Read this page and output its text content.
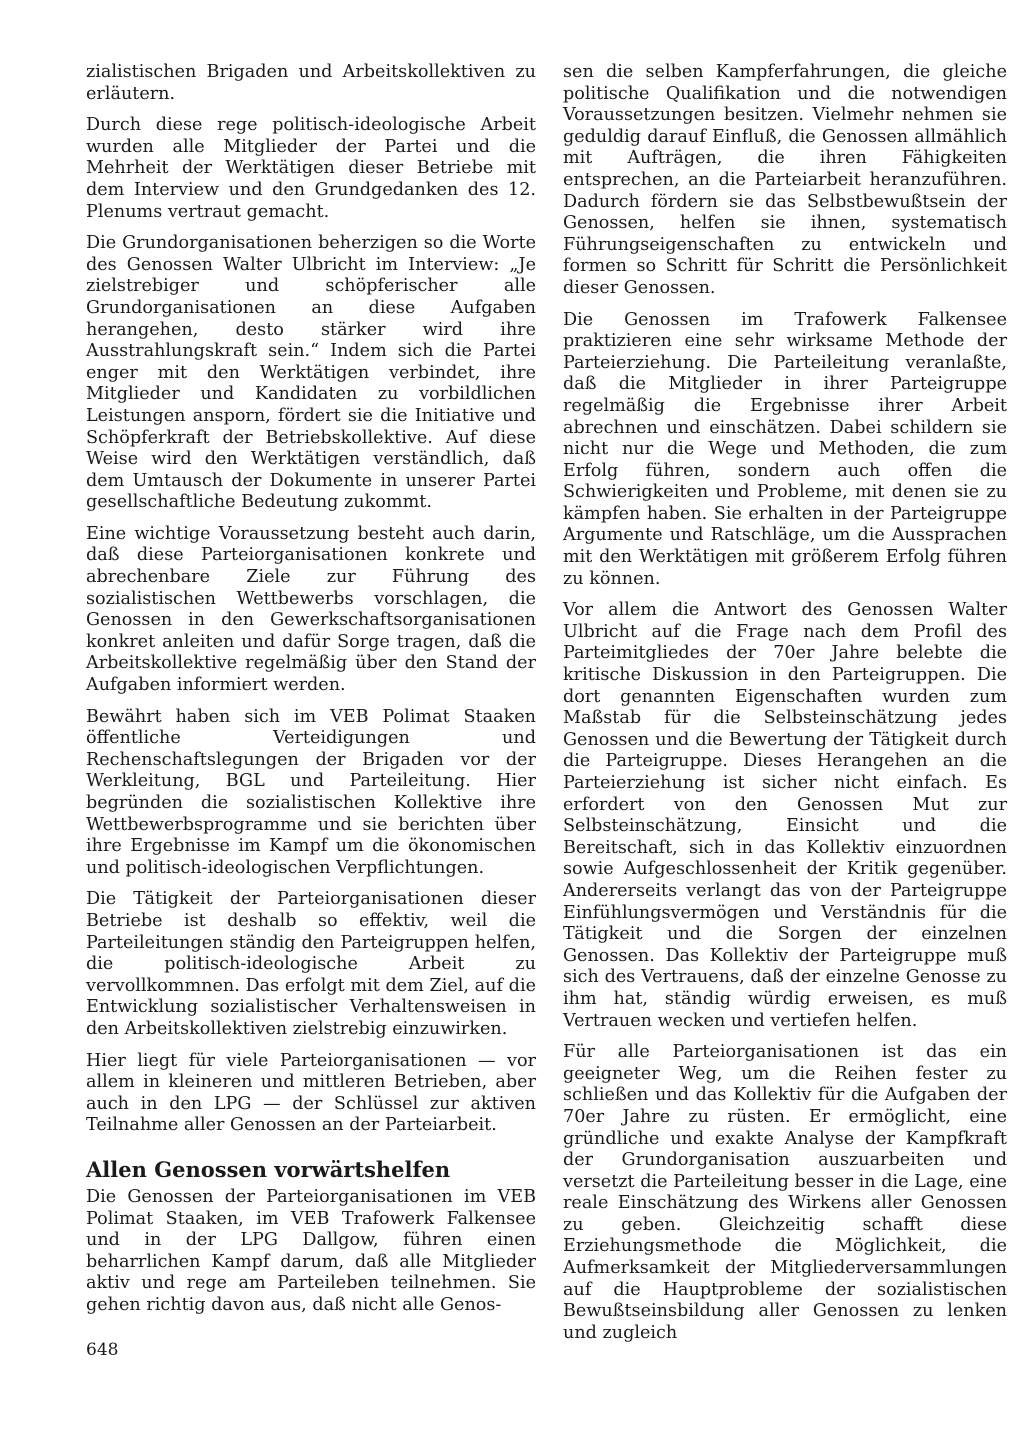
zialistischen Brigaden und Arbeitskollektiven zu erläutern.

Durch diese rege politisch-ideologische Arbeit wurden alle Mitglieder der Partei und die Mehrheit der Werktätigen dieser Betriebe mit dem Interview und den Grundgedanken des 12. Plenums vertraut gemacht.

Die Grundorganisationen beherzigen so die Worte des Genossen Walter Ulbricht im Interview: „Je zielstrebiger und schöpferischer alle Grundorganisationen an diese Aufgaben herangehen, desto stärker wird ihre Ausstrahlungskraft sein.“ Indem sich die Partei enger mit den Werktätigen verbindet, ihre Mitglieder und Kandidaten zu vorbildlichen Leistungen ansporn, fördert sie die Initiative und Schöpferkraft der Betriebskollektive. Auf diese Weise wird den Werktätigen verständlich, daß dem Umtausch der Dokumente in unserer Partei gesellschaftliche Bedeutung zukommt.

Eine wichtige Voraussetzung besteht auch darin, daß diese Parteiorganisationen konkrete und abrechenbare Ziele zur Führung des sozialistischen Wettbewerbs vorschlagen, die Genossen in den Gewerkschaftsorganisationen konkret anleiten und dafür Sorge tragen, daß die Arbeitskollektive regelmäßig über den Stand der Aufgaben informiert werden.

Bewährt haben sich im VEB Polimat Staaken öffentliche Verteidigungen und Rechenschaftslegungen der Brigaden vor der Werkleitung, BGL und Parteileitung. Hier begründen die sozialistischen Kollektive ihre Wettbewerbsprogramme und sie berichten über ihre Ergebnisse im Kampf um die ökonomischen und politisch-ideologischen Verpflichtungen.

Die Tätigkeit der Parteiorganisationen dieser Betriebe ist deshalb so effektiv, weil die Parteileitungen ständig den Parteigruppen helfen, die politisch-ideologische Arbeit zu vervollkommnen. Das erfolgt mit dem Ziel, auf die Entwicklung sozialistischer Verhaltensweisen in den Arbeitskollektiven zielstrebig einzuwirken.

Hier liegt für viele Parteiorganisationen — vor allem in kleineren und mittleren Betrieben, aber auch in den LPG — der Schlüssel zur aktiven Teilnahme aller Genossen an der Parteiarbeit.

Allen Genossen vorwärtshelfen

Die Genossen der Parteiorganisationen im VEB Polimat Staaken, im VEB Trafowerk Falkensee und in der LPG Dallgow, führen einen beharrlichen Kampf darum, daß alle Mitglieder aktiv und rege am Parteileben teilnehmen. Sie gehen richtig davon aus, daß nicht alle Genos-

sen die selben Kampferfahrungen, die gleiche politische Qualifikation und die notwendigen Voraussetzungen besitzen. Vielmehr nehmen sie geduldig darauf Einfluß, die Genossen allmählich mit Aufträgen, die ihren Fähigkeiten entsprechen, an die Parteiarbeit heranzuführen. Dadurch fördern sie das Selbstbewußtsein der Genossen, helfen sie ihnen, systematisch Führungseigenschaften zu entwickeln und formen so Schritt für Schritt die Persönlichkeit dieser Genossen.

Die Genossen im Trafowerk Falkensee praktizieren eine sehr wirksame Methode der Parteierziehung. Die Parteileitung veranlaßte, daß die Mitglieder in ihrer Parteigruppe regelmäßig die Ergebnisse ihrer Arbeit abrechnen und einschätzen. Dabei schildern sie nicht nur die Wege und Methoden, die zum Erfolg führen, sondern auch offen die Schwierigkeiten und Probleme, mit denen sie zu kämpfen haben. Sie erhalten in der Parteigruppe Argumente und Ratschläge, um die Aussprachen mit den Werktätigen mit größerem Erfolg führen zu können.

Vor allem die Antwort des Genossen Walter Ulbricht auf die Frage nach dem Profil des Parteimitgliedes der 70er Jahre belebte die kritische Diskussion in den Parteigruppen. Die dort genannten Eigenschaften wurden zum Maßstab für die Selbsteinschätzung jedes Genossen und die Bewertung der Tätigkeit durch die Parteigruppe. Dieses Herangehen an die Parteierziehung ist sicher nicht einfach. Es erfordert von den Genossen Mut zur Selbsteinschätzung, Einsicht und die Bereitschaft, sich in das Kollektiv einzuordnen sowie Aufgeschlossenheit der Kritik gegenüber. Andererseits verlangt das von der Parteigruppe Einfühlungsvermögen und Verständnis für die Tätigkeit und die Sorgen der einzelnen Genossen. Das Kollektiv der Parteigruppe muß sich des Vertrauens, daß der einzelne Genosse zu ihm hat, ständig würdig erweisen, es muß Vertrauen wecken und vertiefen helfen.

Für alle Parteiorganisationen ist das ein geeigneter Weg, um die Reihen fester zu schließen und das Kollektiv für die Aufgaben der 70er Jahre zu rüsten. Er ermöglicht, eine gründliche und exakte Analyse der Kampfkraft der Grundorganisation auszuarbeiten und versetzt die Parteileitung besser in die Lage, eine reale Einschätzung des Wirkens aller Genossen zu geben. Gleichzeitig schafft diese Erziehungsmethode die Möglichkeit, die Aufmerksamkeit der Mitgliederversammlungen auf die Hauptprobleme der sozialistischen Bewußtseinsbildung aller Genossen zu lenken und zugleich

648
